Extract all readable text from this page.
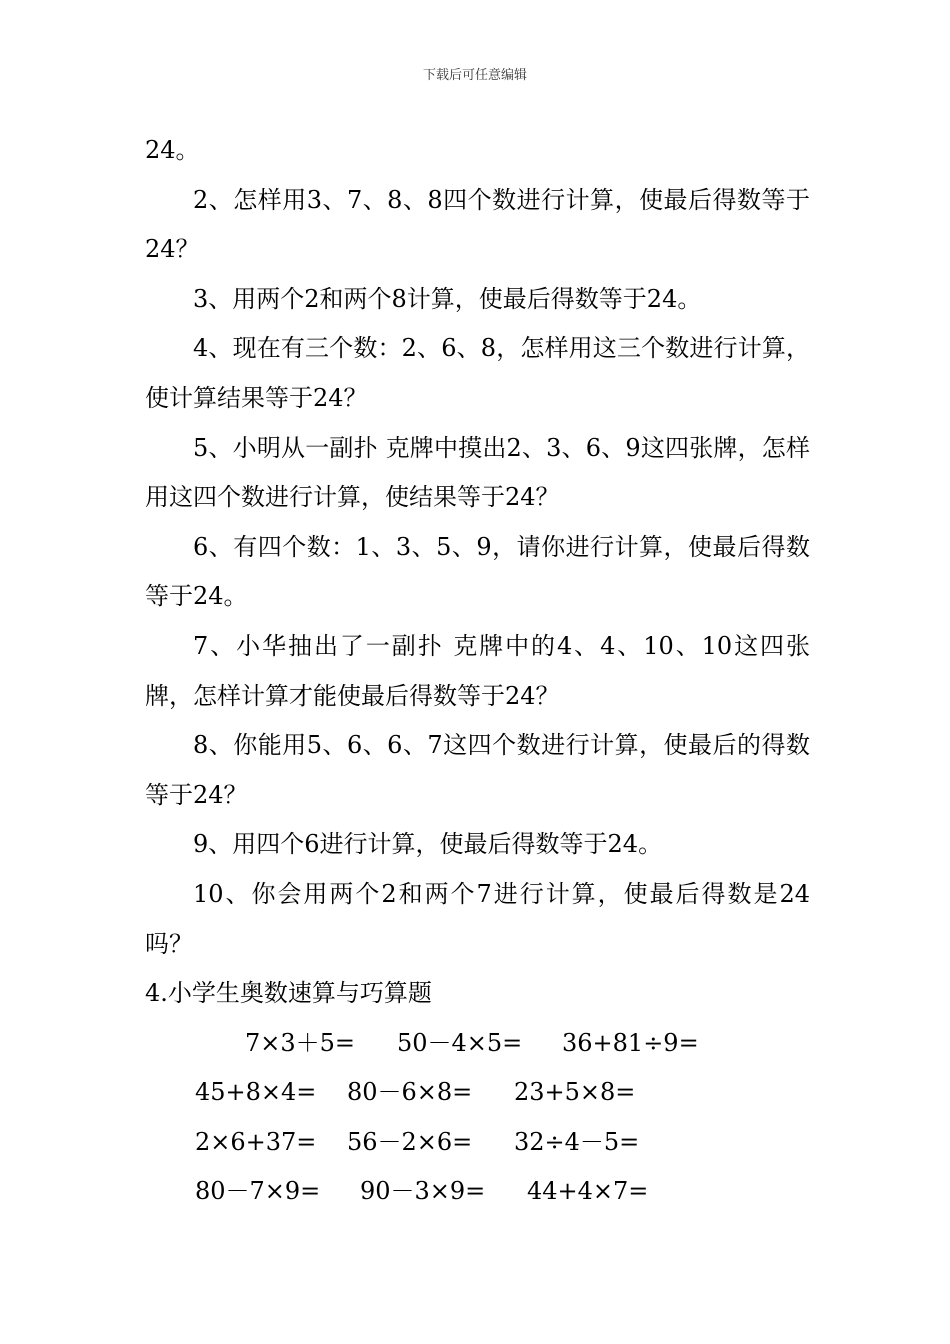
下载后可任意编辑

24。

2、怎样用3、7、8、8四个数进行计算，使最后得数等于24？

3、用两个2和两个8计算，使最后得数等于24。

4、现在有三个数：2、6、8，怎样用这三个数进行计算，使计算结果等于24？

5、小明从一副扑 克牌中摸出2、3、6、9这四张牌，怎样用这四个数进行计算，使结果等于24？

6、有四个数：1、3、5、9，请你进行计算，使最后得数等于24。

7、小华抽出了一副扑 克牌中的4、4、10、10这四张牌，怎样计算才能使最后得数等于24？

8、你能用5、6、6、7这四个数进行计算，使最后的得数等于24？

9、用四个6进行计算，使最后得数等于24。

10、你会用两个2和两个7进行计算，使最后得数是24吗？

4.小学生奥数速算与巧算题

7×3＋5=	50－4×5=	36+81÷9=
45+8×4=	80－6×8=	23+5×8=
2×6+37=	56－2×6=	32÷4－5=
80－7×9=	90－3×9=	44+4×7=
